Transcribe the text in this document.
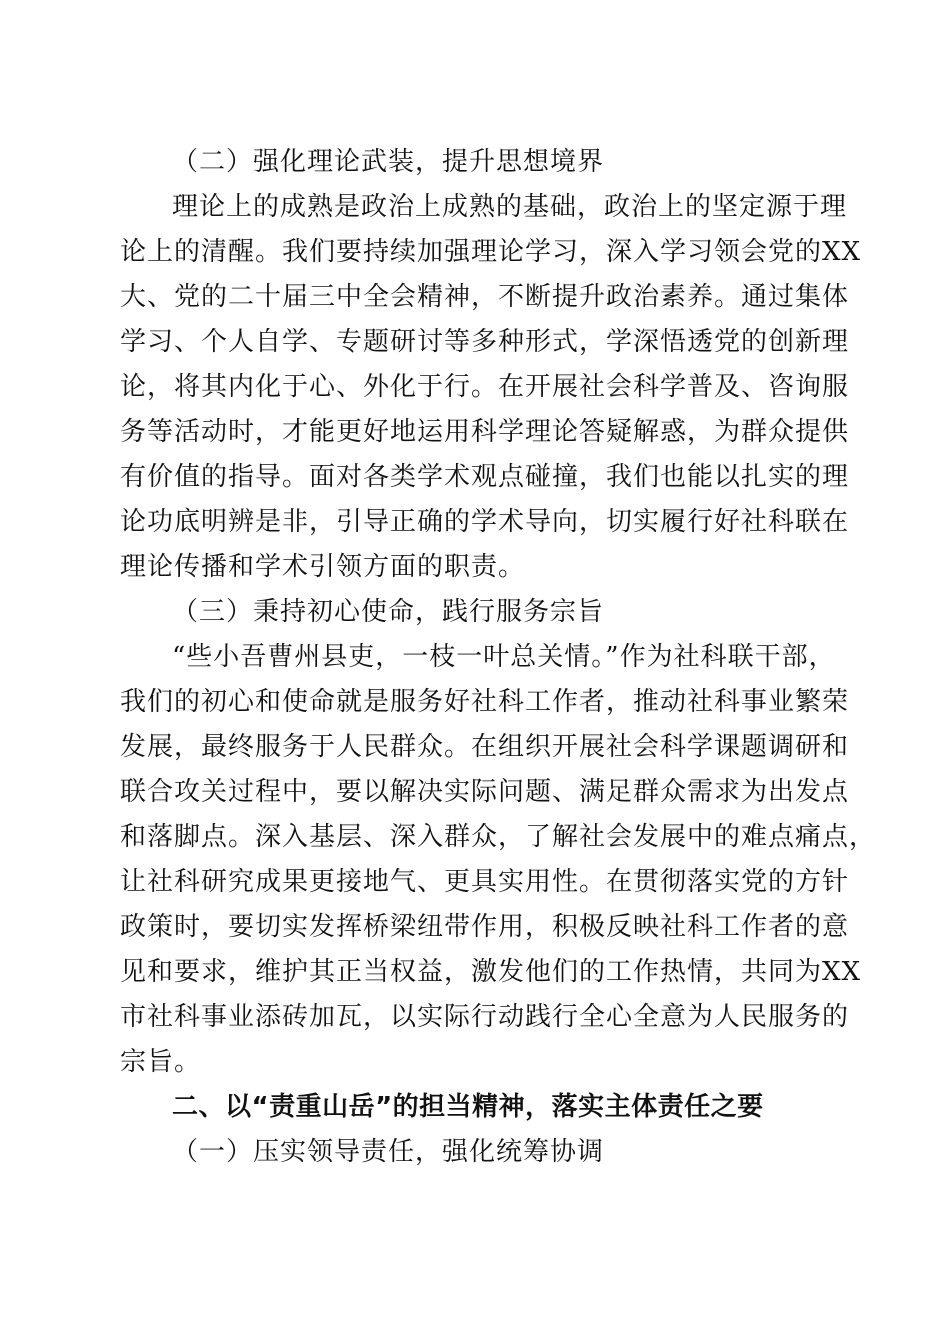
（二）强化理论武装，提升思想境界
理论上的成熟是政治上成熟的基础，政治上的坚定源于理
论上的清醒。我们要持续加强理论学习，深入学习领会党的XX
大、党的二十届三中全会精神，不断提升政治素养。通过集体
学习、个人自学、专题研讨等多种形式，学深悟透党的创新理
论，将其内化于心、外化于行。在开展社会科学普及、咨询服
务等活动时，才能更好地运用科学理论答疑解惑，为群众提供
有价值的指导。面对各类学术观点碰撞，我们也能以扎实的理
论功底明辨是非，引导正确的学术导向，切实履行好社科联在
理论传播和学术引领方面的职责。
（三）秉持初心使命，践行服务宗旨
“些小吾曹州县吏，一枝一叶总关情。”作为社科联干部，
我们的初心和使命就是服务好社科工作者，推动社科事业繁荣
发展，最终服务于人民群众。在组织开展社会科学课题调研和
联合攻关过程中，要以解决实际问题、满足群众需求为出发点
和落脚点。深入基层、深入群众，了解社会发展中的难点痛点，
让社科研究成果更接地气、更具实用性。在贯彻落实党的方针
政策时，要切实发挥桥梁纽带作用，积极反映社科工作者的意
见和要求，维护其正当权益，激发他们的工作热情，共同为XX
市社科事业添砖加瓦，以实际行动践行全心全意为人民服务的
宗旨。
二、以“责重山岳”的担当精神，落实主体责任之要
（一）压实领导责任，强化统筹协调
